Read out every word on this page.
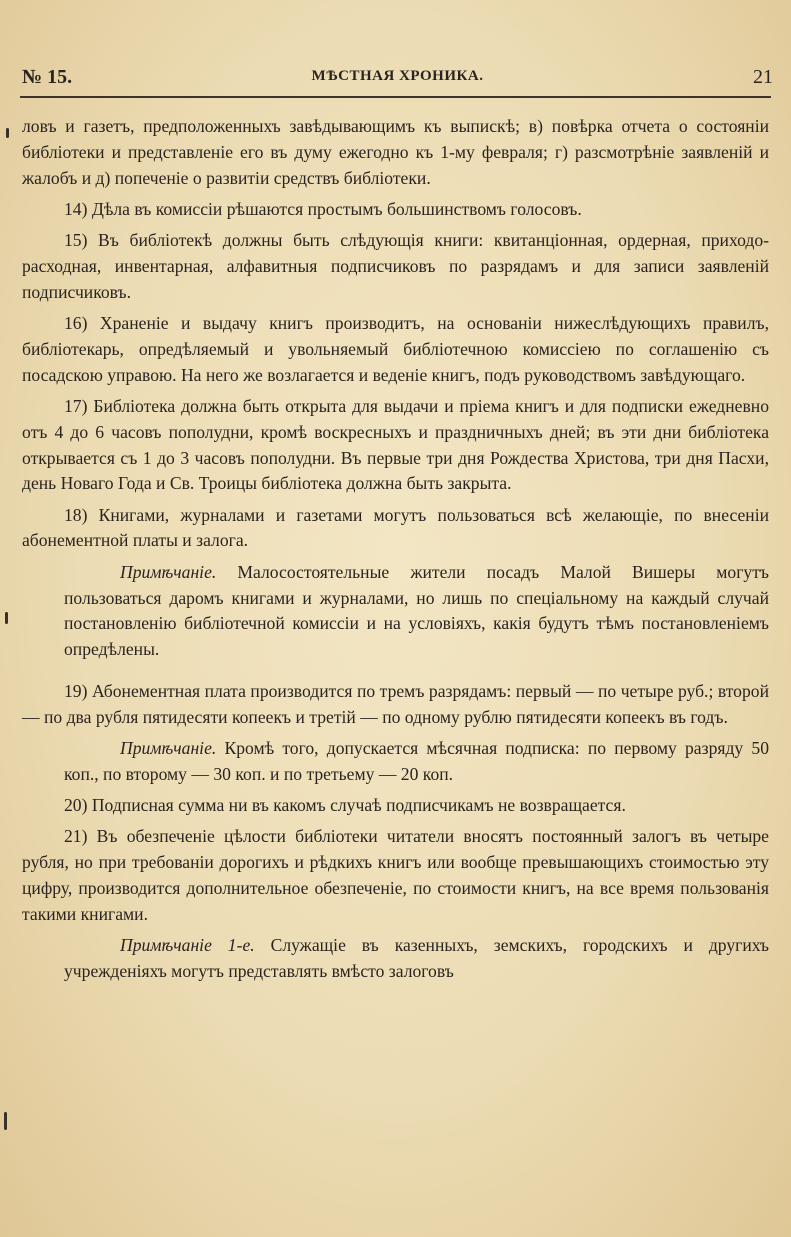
№ 15.	МѢСТНАЯ ХРОНИКА.	21

ловъ и газетъ, предположенныхъ завѣдывающимъ къ выпискѣ; в) повѣрка отчета о состояніи библіотеки и представленіе его въ думу ежегодно къ 1-му февраля; г) разсмотрѣніе заявленій и жалобъ и д) попеченіе о развитіи средствъ библіотеки.

14) Дѣла въ комиссіи рѣшаются простымъ большинствомъ голосовъ.

15) Въ библіотекѣ должны быть слѣдующія книги: квитанціонная, ордерная, приходо-расходная, инвентарная, алфавитныя подписчиковъ по разрядамъ и для записи заявленій подписчиковъ.

16) Храненіе и выдачу книгъ производитъ, на основаніи нижеслѣдующихъ правилъ, библіотекарь, опредѣляемый и увольняемый библіотечною комиссіею по соглашенію съ посадскою управою. На него же возлагается и веденіе книгъ, подъ руководствомъ завѣдующаго.

17) Библіотека должна быть открыта для выдачи и пріема книгъ и для подписки ежедневно отъ 4 до 6 часовъ пополудни, кромѣ воскресныхъ и праздничныхъ дней; въ эти дни библіотека открывается съ 1 до 3 часовъ пополудни. Въ первые три дня Рождества Христова, три дня Пасхи, день Новаго Года и Св. Троицы библіотека должна быть закрыта.

18) Книгами, журналами и газетами могутъ пользоваться всѣ желающіе, по внесеніи абонементной платы и залога.

Примѣчаніе. Малосостоятельные жители посадъ Малой Вишеры могутъ пользоваться даромъ книгами и журналами, но лишь по спеціальному на каждый случай постановленію библіотечной комиссіи и на условіяхъ, какія будутъ тѣмъ постановленіемъ опредѣлены.

19) Абонементная плата производится по тремъ разрядамъ: первый — по четыре руб.; второй — по два рубля пятидесяти копеекъ и третій — по одному рублю пятидесяти копеекъ въ годъ.

Примѣчаніе. Кромѣ того, допускается мѣсячная подписка: по первому разряду 50 коп., по второму — 30 коп. и по третьему — 20 коп.

20) Подписная сумма ни въ какомъ случаѣ подписчикамъ не возвращается.

21) Въ обезпеченіе цѣлости библіотеки читатели вносятъ постоянный залогъ въ четыре рубля, но при требованіи дорогихъ и рѣдкихъ книгъ или вообще превышающихъ стоимостью эту цифру, производится дополнительное обезпеченіе, по стоимости книгъ, на все время пользованія такими книгами.

Примѣчаніе 1-е. Служащіе въ казенныхъ, земскихъ, городскихъ и другихъ учрежденіяхъ могутъ представлять вмѣсто залоговъ
